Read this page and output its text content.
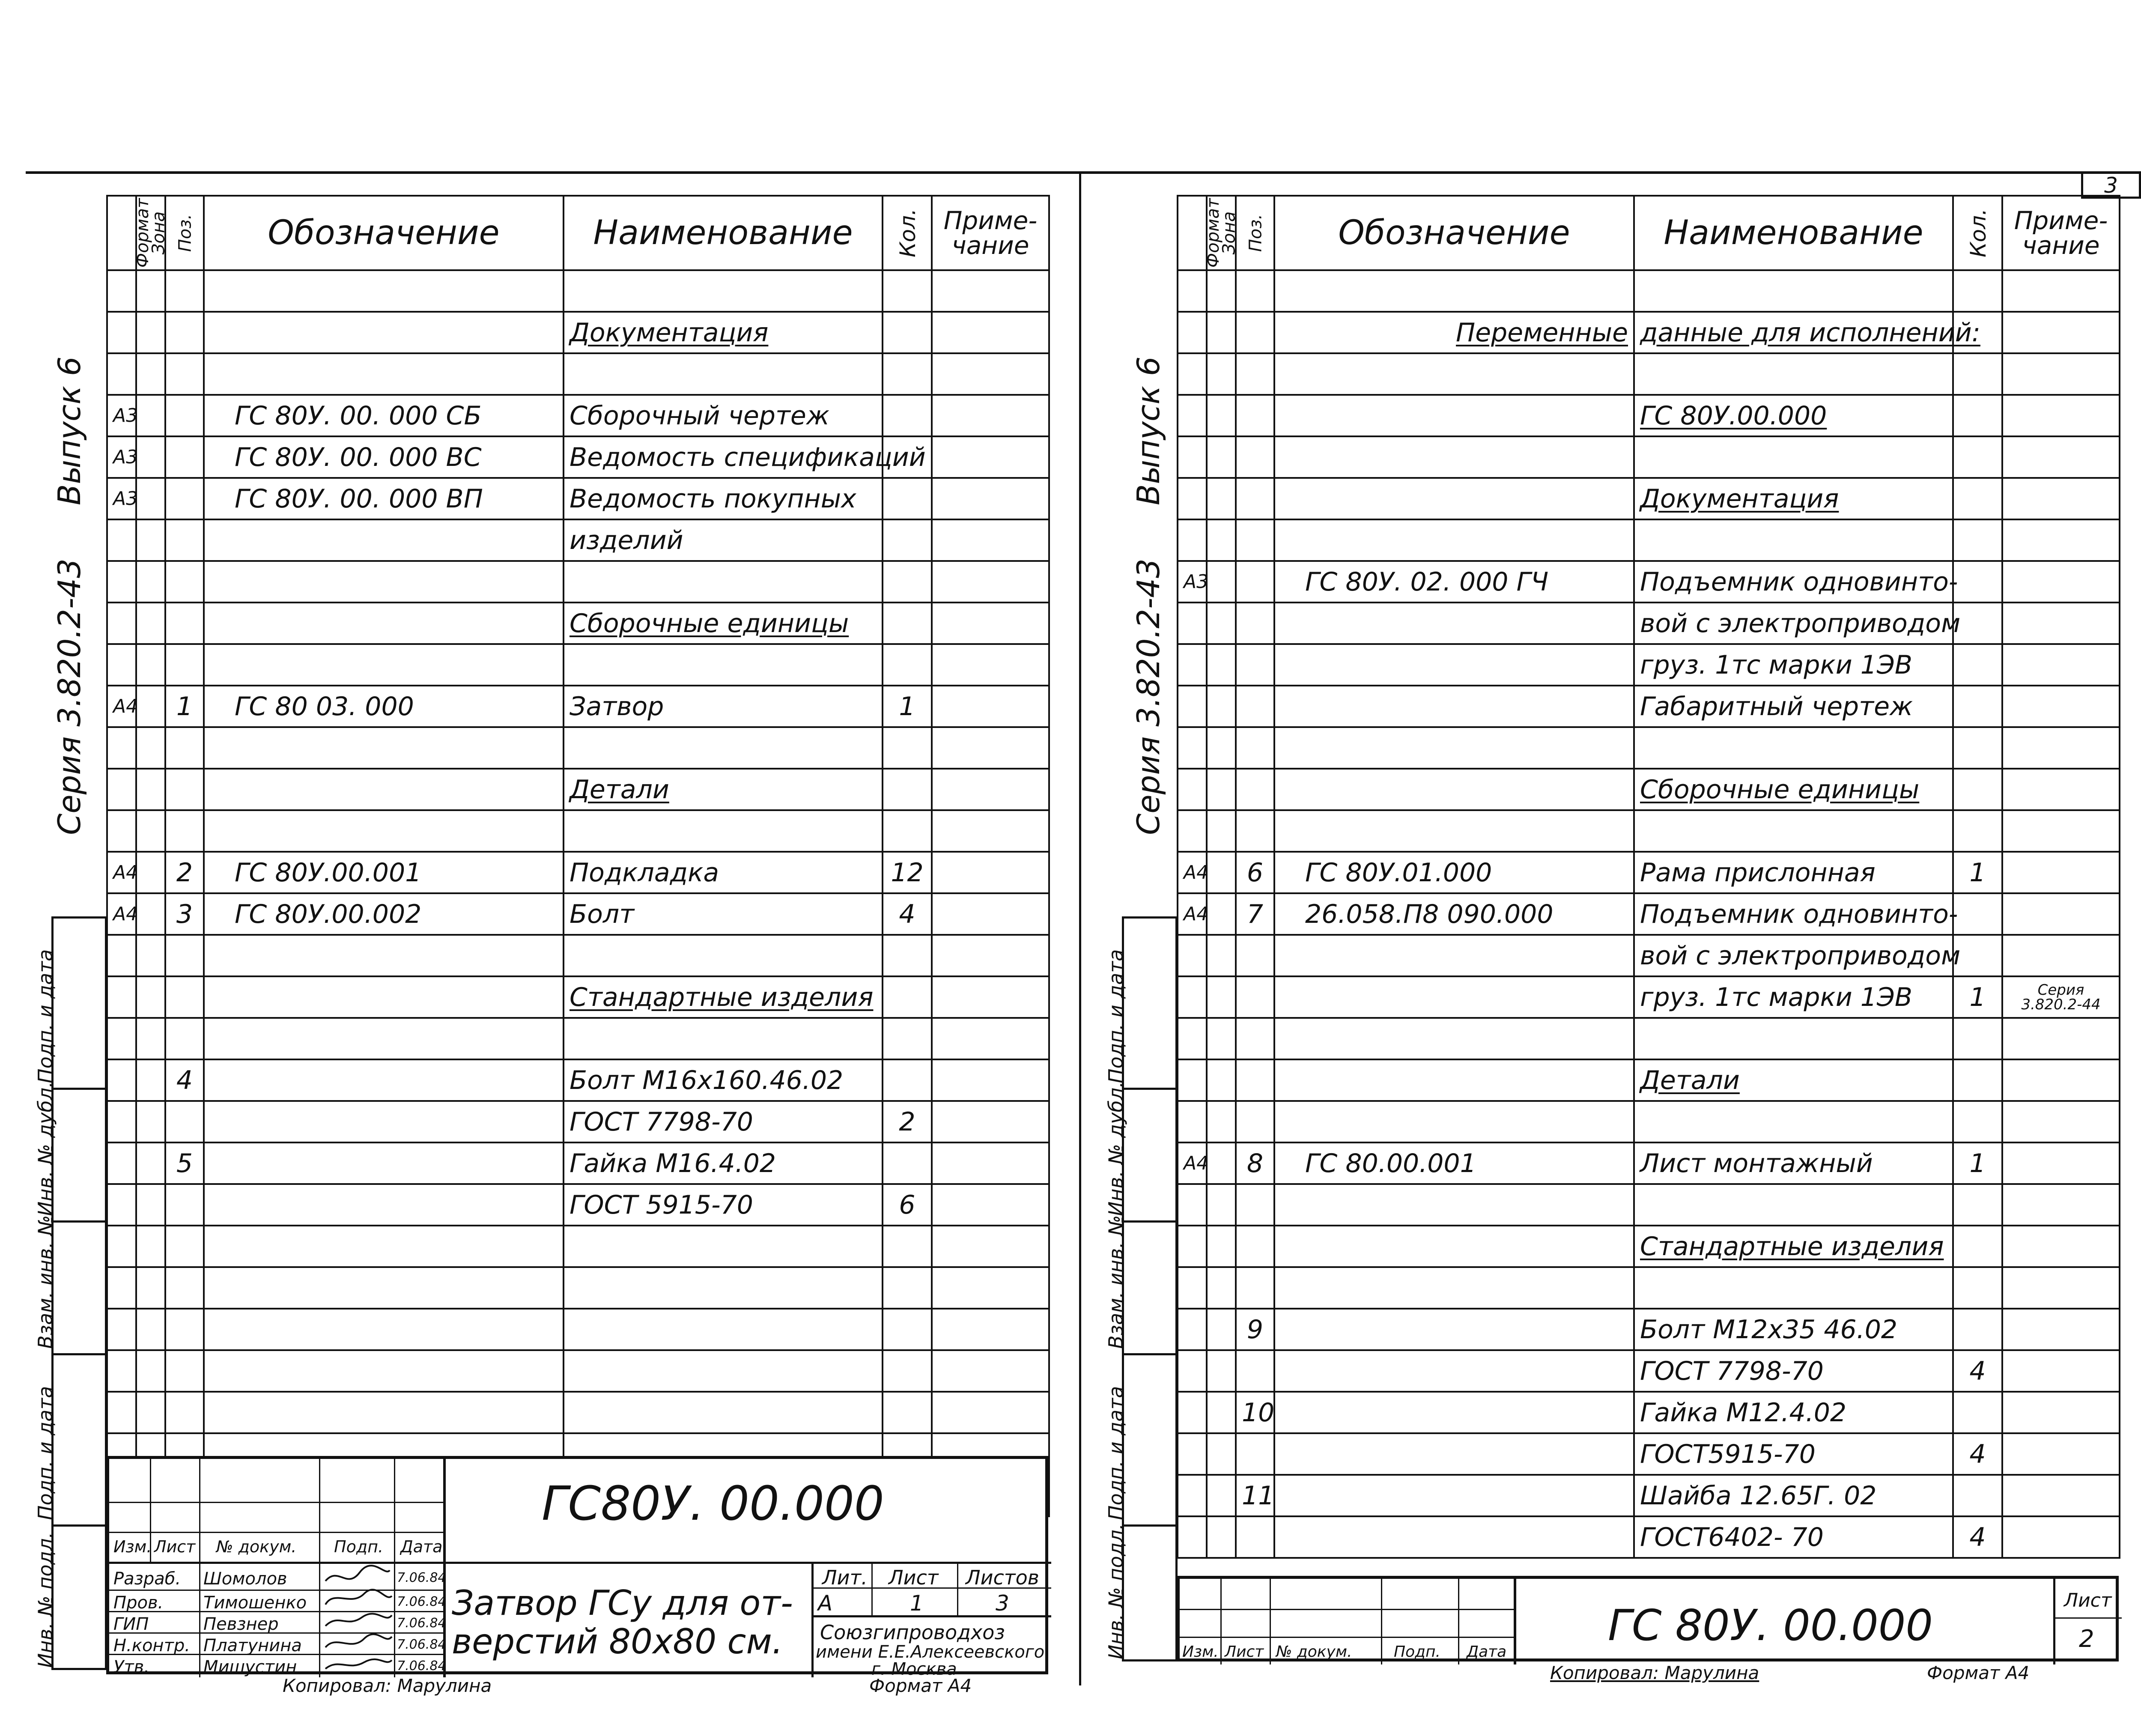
Серия 3.820.2-43
Выпуск 6
Подп. и дата
Инв. № дубл.
Взам. инв. №
Подп. и дата
Инв. № подл.
Формат	Зона	Поз.	Обозначение	Наименование	Кол.	Приме- чание

				Документация		

А3			ГС 80У. 00. 000 СБ	Сборочный чертеж		
А3			ГС 80У. 00. 000 ВС	Ведомость спецификаций		
А3			ГС 80У. 00. 000 ВП	Ведомость покупных		
				изделий		

				Сборочные единицы		

А4		1	ГС 80 03. 000	Затвор	1	

				Детали		

А4		2	ГС 80У.00.001	Подкладка	12	
А4		3	ГС 80У.00.002	Болт	4	

				Стандартные изделия		

		4		Болт М16х160.46.02		
				ГОСТ 7798-70	2	
		5		Гайка М16.4.02		
				ГОСТ 5915-70	6	

ГС80У. 00.000
Изм. Лист № докум. Подп. Дата
Разраб. Шомолов	7.06.84
Пров. Тимошенко	7.06.84
ГИП	Певзнер	7.06.84
Н.контр. Платунина	7.06.84
Утв.	Мишустин	7.06.84
Затвор ГСу для от-
верстий 80х80 см.
Лит. Лист Листов
А	1	3
Союзгипроводхоз
имени Е.Е.Алексеевского
г. Москва
Копировал: Марулина	Формат А4
3
Серия 3.820.2-43
Выпуск 6
Подп. и дата
Инв. № дубл.
Взам. инв. №
Подп. и дата
Инв. № подл.
Формат	Зона	Поз.	Обозначение	Наименование	Кол.	Приме- чание

			Переменные	данные для исполнений:		

				ГС 80У.00.000		

				Документация		

А3			ГС 80У. 02. 000 ГЧ	Подъемник одновинто-		
				вой с электроприводом		
				груз. 1тс марки 1ЭВ		
				Габаритный чертеж		

				Сборочные единицы		

А4		6	ГС 80У.01.000	Рама прислонная	1	
А4		7	26.058.П8 090.000	Подъемник одновинто-		
				вой с электроприводом		
				груз. 1тс марки 1ЭВ	1	Серия 3.820.2-44

				Детали		

А4		8	ГС 80.00.001	Лист монтажный	1	

				Стандартные изделия		

		9		Болт М12х35 46.02		
				ГОСТ 7798-70	4	
		10		Гайка М12.4.02		
				ГОСТ5915-70	4	
		11		Шайба 12.65Г. 02		
				ГОСТ6402- 70	4	
ГС 80У. 00.000	Лист
2
Изм. Лист № докум.	Подп. Дата
Копировал: Марулина	Формат А4
